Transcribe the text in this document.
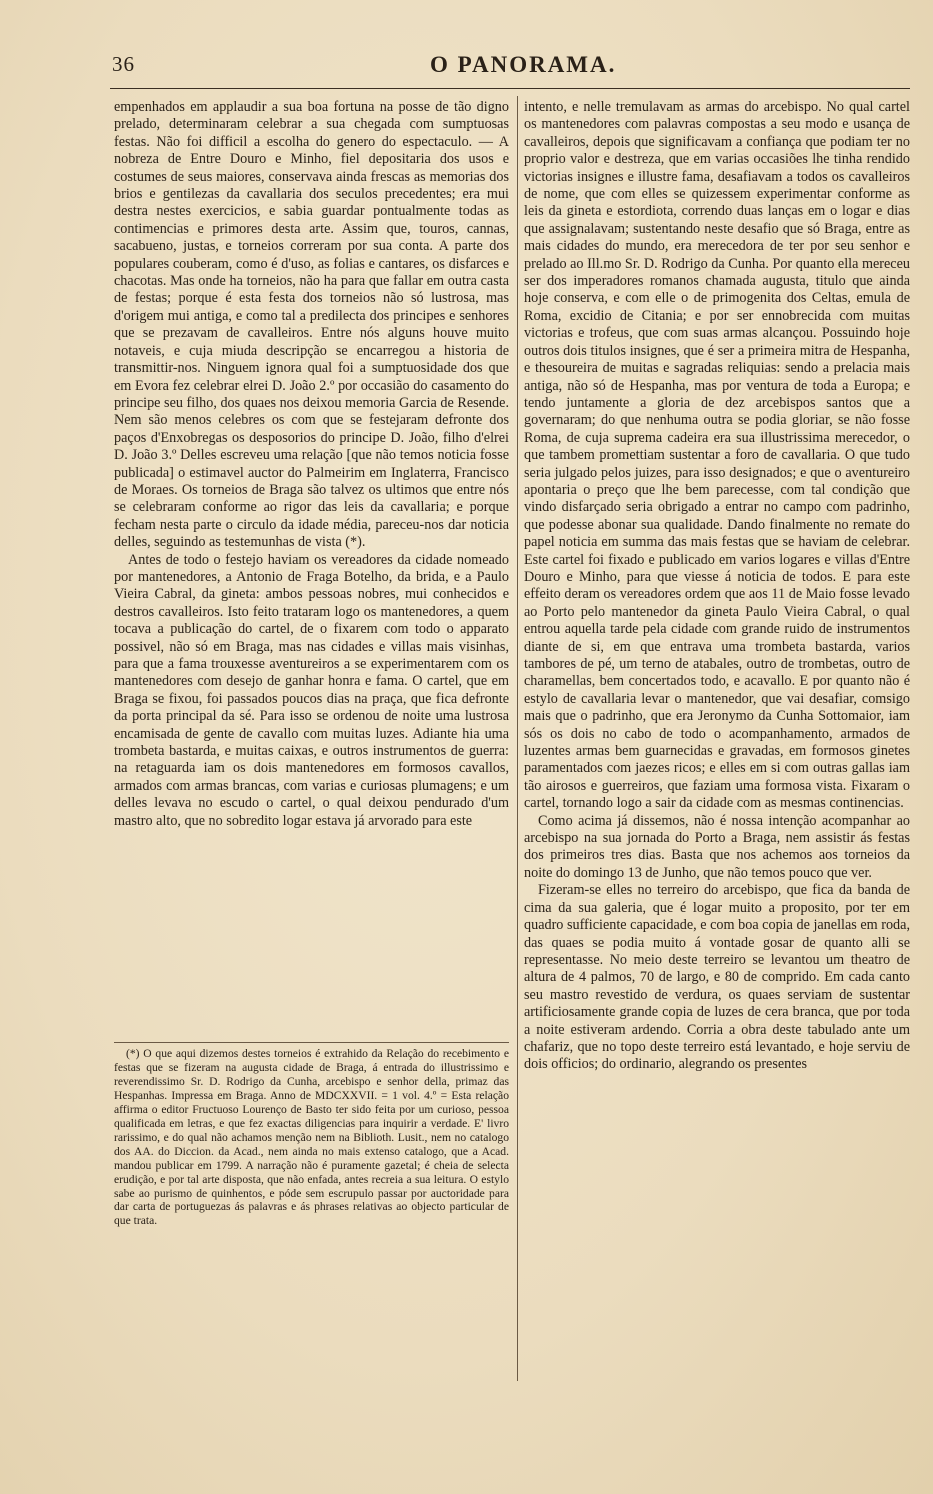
36	O PANORAMA.

empenhados em applaudir a sua boa fortuna na posse de tão digno prelado, determinaram celebrar a sua chegada com sumptuosas festas. Não foi difficil a escolha do genero do espectaculo. — A nobreza de Entre Douro e Minho, fiel depositaria dos usos e costumes de seus maiores, conservava ainda frescas as memorias dos brios e gentilezas da cavallaria dos seculos precedentes; era mui destra nestes exercicios, e sabia guardar pontualmente todas as contimencias e primores desta arte. Assim que, touros, cannas, sacabueno, justas, e torneios correram por sua conta. A parte dos populares couberam, como é d'uso, as folias e cantares, os disfarces e chacotas. Mas onde ha torneios, não ha para que fallar em outra casta de festas; porque é esta festa dos torneios não só lustrosa, mas d'origem mui antiga, e como tal a predilecta dos principes e senhores que se prezavam de cavalleiros. Entre nós alguns houve muito notaveis, e cuja miuda descripção se encarregou a historia de transmittir-nos. Ninguem ignora qual foi a sumptuosidade dos que em Evora fez celebrar elrei D. João 2.º por occasião do casamento do principe seu filho, dos quaes nos deixou memoria Garcia de Resende. Nem são menos celebres os com que se festejaram defronte dos paços d'Enxobregas os desposorios do principe D. João, filho d'elrei D. João 3.º Delles escreveu uma relação [que não temos noticia fosse publicada] o estimavel auctor do Palmeirim em Inglaterra, Francisco de Moraes. Os torneios de Braga são talvez os ultimos que entre nós se celebraram conforme ao rigor das leis da cavallaria; e porque fecham nesta parte o circulo da idade média, pareceu-nos dar noticia delles, seguindo as testemunhas de vista (*).

Antes de todo o festejo haviam os vereadores da cidade nomeado por mantenedores, a Antonio de Fraga Botelho, da brida, e a Paulo Vieira Cabral, da gineta: ambos pessoas nobres, mui conhecidos e destros cavalleiros. Isto feito trataram logo os mantenedores, a quem tocava a publicação do cartel, de o fixarem com todo o apparato possivel, não só em Braga, mas nas cidades e villas mais visinhas, para que a fama trouxesse aventureiros a se experimentarem com os mantenedores com desejo de ganhar honra e fama. O cartel, que em Braga se fixou, foi passados poucos dias na praça, que fica defronte da porta principal da sé. Para isso se ordenou de noite uma lustrosa encamisada de gente de cavallo com muitas luzes. Adiante hia uma trombeta bastarda, e muitas caixas, e outros instrumentos de guerra: na retaguarda iam os dois mantenedores em formosos cavallos, armados com armas brancas, com varias e curiosas plumagens; e um delles levava no escudo o cartel, o qual deixou pendurado d'um mastro alto, que no sobredito logar estava já arvorado para este

(*) O que aqui dizemos destes torneios é extrahido da Relação do recebimento e festas que se fizeram na augusta cidade de Braga, á entrada do illustrissimo e reverendissimo Sr. D. Rodrigo da Cunha, arcebispo e senhor della, primaz das Hespanhas. Impressa em Braga. Anno de MDCXXVII. = 1 vol. 4.º = Esta relação affirma o editor Fructuoso Lourenço de Basto ter sido feita por um curioso, pessoa qualificada em letras, e que fez exactas diligencias para inquirir a verdade. E' livro rarissimo, e do qual não achamos menção nem na Biblioth. Lusit., nem no catalogo dos AA. do Diccion. da Acad., nem ainda no mais extenso catalogo, que a Acad. mandou publicar em 1799. A narração não é puramente gazetal; é cheia de selecta erudição, e por tal arte disposta, que não enfada, antes recreia a sua leitura. O estylo sabe ao purismo de quinhentos, e póde sem escrupulo passar por auctoridade para dar carta de portuguezas ás palavras e ás phrases relativas ao objecto particular de que trata.

intento, e nelle tremulavam as armas do arcebispo. No qual cartel os mantenedores com palavras compostas a seu modo e usança de cavalleiros, depois que significavam a confiança que podiam ter no proprio valor e destreza, que em varias occasiões lhe tinha rendido victorias insignes e illustre fama, desafiavam a todos os cavalleiros de nome, que com elles se quizessem experimentar conforme as leis da gineta e estordiota, correndo duas lanças em o logar e dias que assignalavam; sustentando neste desafio que só Braga, entre as mais cidades do mundo, era merecedora de ter por seu senhor e prelado ao Ill.mo Sr. D. Rodrigo da Cunha. Por quanto ella mereceu ser dos imperadores romanos chamada augusta, titulo que ainda hoje conserva, e com elle o de primogenita dos Celtas, emula de Roma, excidio de Citania; e por ser ennobrecida com muitas victorias e trofeus, que com suas armas alcançou. Possuindo hoje outros dois titulos insignes, que é ser a primeira mitra de Hespanha, e thesoureira de muitas e sagradas reliquias: sendo a prelacia mais antiga, não só de Hespanha, mas por ventura de toda a Europa; e tendo juntamente a gloria de dez arcebispos santos que a governaram; do que nenhuma outra se podia gloriar, se não fosse Roma, de cuja suprema cadeira era sua illustrissima merecedor, o que tambem promettiam sustentar a foro de cavallaria. O que tudo seria julgado pelos juizes, para isso designados; e que o aventureiro apontaria o preço que lhe bem parecesse, com tal condição que vindo disfarçado seria obrigado a entrar no campo com padrinho, que podesse abonar sua qualidade. Dando finalmente no remate do papel noticia em summa das mais festas que se haviam de celebrar. Este cartel foi fixado e publicado em varios logares e villas d'Entre Douro e Minho, para que viesse á noticia de todos. E para este effeito deram os vereadores ordem que aos 11 de Maio fosse levado ao Porto pelo mantenedor da gineta Paulo Vieira Cabral, o qual entrou aquella tarde pela cidade com grande ruido de instrumentos diante de si, em que entrava uma trombeta bastarda, varios tambores de pé, um terno de atabales, outro de trombetas, outro de charamellas, bem concertados todo, e acavallo. E por quanto não é estylo de cavallaria levar o mantenedor, que vai desafiar, comsigo mais que o padrinho, que era Jeronymo da Cunha Sottomaior, iam sós os dois no cabo de todo o acompanhamento, armados de luzentes armas bem guarnecidas e gravadas, em formosos ginetes paramentados com jaezes ricos; e elles em si com outras gallas iam tão airosos e guerreiros, que faziam uma formosa vista. Fixaram o cartel, tornando logo a sair da cidade com as mesmas continencias.

Como acima já dissemos, não é nossa intenção acompanhar ao arcebispo na sua jornada do Porto a Braga, nem assistir ás festas dos primeiros tres dias. Basta que nos achemos aos torneios da noite do domingo 13 de Junho, que não temos pouco que ver.

Fizeram-se elles no terreiro do arcebispo, que fica da banda de cima da sua galeria, que é logar muito a proposito, por ter em quadro sufficiente capacidade, e com boa copia de janellas em roda, das quaes se podia muito á vontade gosar de quanto alli se representasse. No meio deste terreiro se levantou um theatro de altura de 4 palmos, 70 de largo, e 80 de comprido. Em cada canto seu mastro revestido de verdura, os quaes serviam de sustentar artificiosamente grande copia de luzes de cera branca, que por toda a noite estiveram ardendo. Corria a obra deste tabulado ante um chafariz, que no topo deste terreiro está levantado, e hoje serviu de dois officios; do ordinario, alegrando os presentes
